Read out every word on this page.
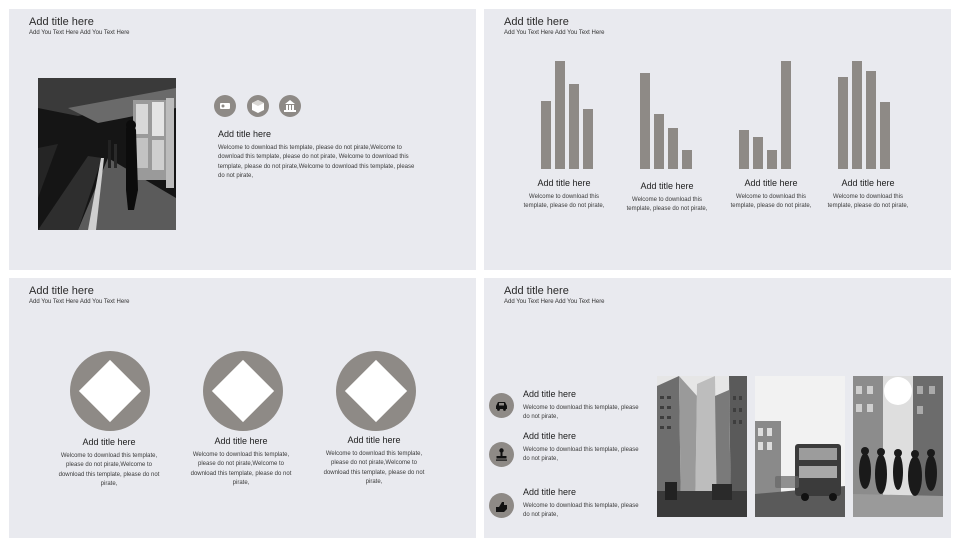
Add title here
Add You Text Here Add You Text Here
Add title here
Welcome to download this template, please do not pirate,Welcome to
download this template, please do not pirate, Welcome to download this
template, please do not pirate,Welcome to download this template, please
do not pirate,
Add title here
Add You Text Here Add You Text Here
Add title here
Welcome to download this
template, please do not pirate,
Add title here
Welcome to download this
template, please do not pirate,
Add title here
Welcome to download this
template, please do not pirate,
Add title here
Welcome to download this
template, please do not pirate,
Add title here
Add You Text Here Add You Text Here
Add title here
Welcome to download this template,
please do not pirate,Welcome to
download this template, please do not
pirate,
Add title here
Welcome to download this template,
please do not pirate,Welcome to
download this template, please do not
pirate,
Add title here
Welcome to download this template,
please do not pirate,Welcome to
download this template, please do not
pirate,
Add title here
Add You Text Here Add You Text Here
Add title here
Welcome to download this template, please
do not pirate,
Add title here
Welcome to download this template, please
do not pirate,
Add title here
Welcome to download this template, please
do not pirate,
